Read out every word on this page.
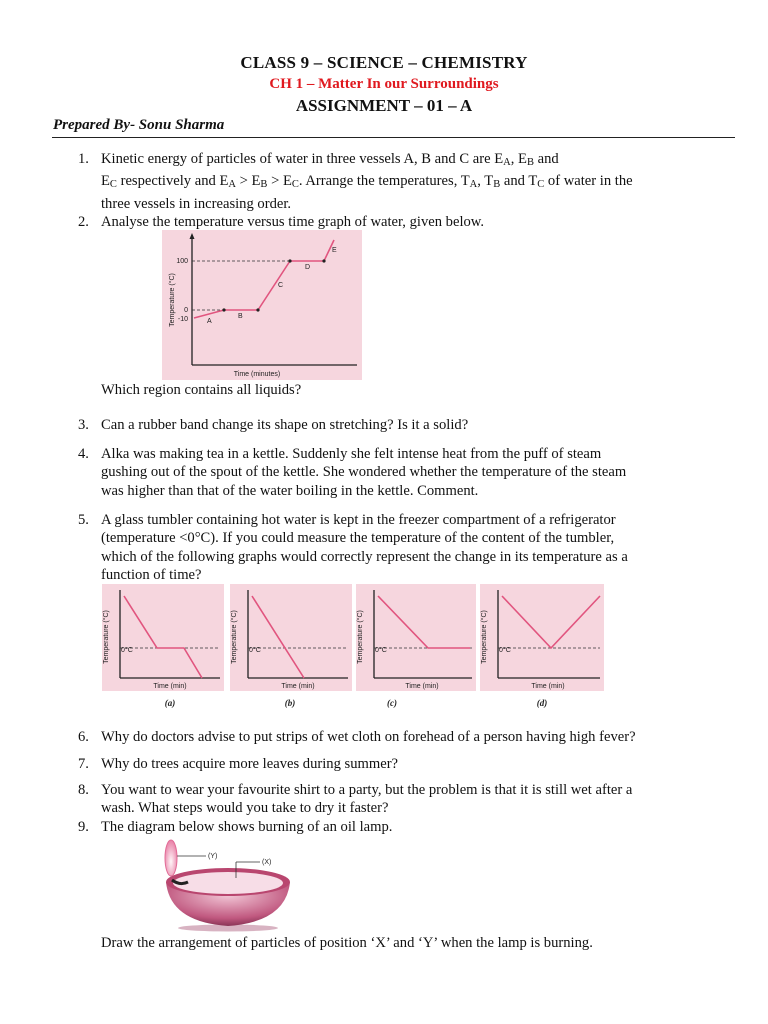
CLASS 9 – SCIENCE – CHEMISTRY
CH 1 – Matter In our Surroundings
ASSIGNMENT – 01 – A
Prepared By- Sonu Sharma
1. Kinetic energy of particles of water in three vessels A, B and C are $E_A$, $E_B$ and
$E_C$ respectively and $E_A > E_B > E_C$. Arrange the temperatures, $T_A$, $T_B$ and $T_C$ of water in the
three vessels in increasing order.
2. Analyse the temperature versus time graph of water, given below.
100
0
-10
Temperature (°C)
Time (minutes)
A
B
C
D
E
Which region contains all liquids?
3. Can a rubber band change its shape on stretching? Is it a solid?
4. Alka was making tea in a kettle. Suddenly she felt intense heat from the puff of steam
gushing out of the spout of the kettle. She wondered whether the temperature of the steam
was higher than that of the water boiling in the kettle. Comment.
5. A glass tumbler containing hot water is kept in the freezer compartment of a refrigerator
(temperature <0°C). If you could measure the temperature of the content of the tumbler,
which of the following graphs would correctly represent the change in its temperature as a
function of time?
Temperature (°C) 0°C
Time (min)
(a)
Temperature (°C) 0°C
Time (min)
(b)
Temperature (°C) 0°C
Time (min)
(c)
Temperature (°C) 0°C
Time (min)
(d)
6. Why do doctors advise to put strips of wet cloth on forehead of a person having high fever?
7. Why do trees acquire more leaves during summer?
8. You want to wear your favourite shirt to a party, but the problem is that it is still wet after a
wash. What steps would you take to dry it faster?
9. The diagram below shows burning of an oil lamp.
(Y)
(X)
Draw the arrangement of particles of position ‘X’ and ‘Y’ when the lamp is burning.
